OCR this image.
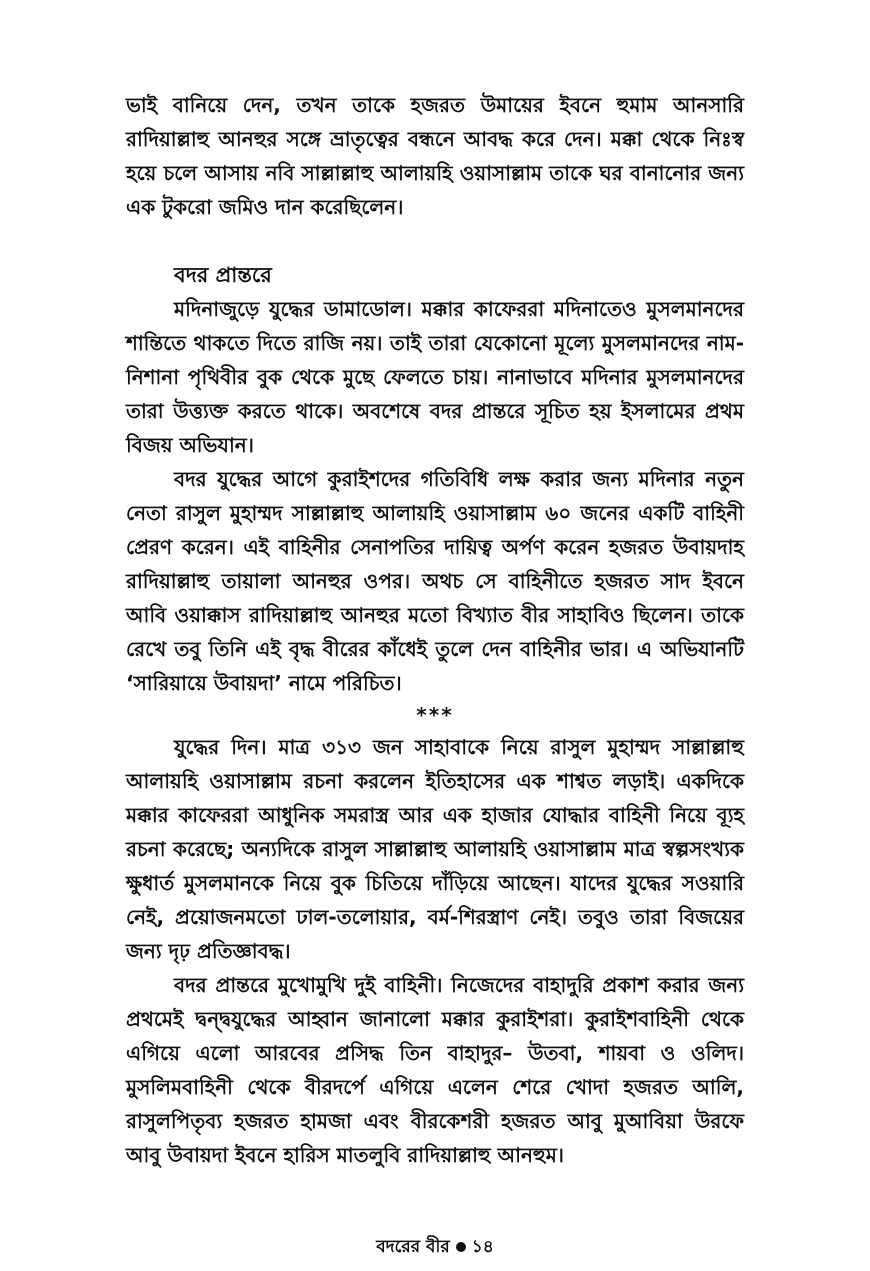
ভাই বানিয়ে দেন, তখন তাকে হজরত উমায়ের ইবনে হুমাম আনসারি রাদিয়াল্লাহু আনহুর সঙ্গে ভ্রাতৃত্বের বন্ধনে আবদ্ধ করে দেন। মক্কা থেকে নিঃস্ব হয়ে চলে আসায় নবি সাল্লাল্লাহু আলায়হি ওয়াসাল্লাম তাকে ঘর বানানোর জন্য এক টুকরো জমিও দান করেছিলেন।

বদর প্রান্তরে

মদিনাজুড়ে যুদ্ধের ডামাডোল। মক্কার কাফেররা মদিনাতেও মুসলমানদের শান্তিতে থাকতে দিতে রাজি নয়। তাই তারা যেকোনো মূল্যে মুসলমানদের নাম-নিশানা পৃথিবীর বুক থেকে মুছে ফেলতে চায়। নানাভাবে মদিনার মুসলমানদের তারা উত্ত্যক্ত করতে থাকে। অবশেষে বদর প্রান্তরে সূচিত হয় ইসলামের প্রথম বিজয় অভিযান।

বদর যুদ্ধের আগে কুরাইশদের গতিবিধি লক্ষ করার জন্য মদিনার নতুন নেতা রাসুল মুহাম্মদ সাল্লাল্লাহু আলায়হি ওয়াসাল্লাম ৬০ জনের একটি বাহিনী প্রেরণ করেন। এই বাহিনীর সেনাপতির দায়িত্ব অর্পণ করেন হজরত উবায়দাহ রাদিয়াল্লাহু তায়ালা আনহুর ওপর। অথচ সে বাহিনীতে হজরত সাদ ইবনে আবি ওয়াক্কাস রাদিয়াল্লাহু আনহুর মতো বিখ্যাত বীর সাহাবিও ছিলেন। তাকে রেখে তবু তিনি এই বৃদ্ধ বীরের কাঁধেই তুলে দেন বাহিনীর ভার। এ অভিযানটি ‘সারিয়ায়ে উবায়দা’ নামে পরিচিত।

***

যুদ্ধের দিন। মাত্র ৩১৩ জন সাহাবাকে নিয়ে রাসুল মুহাম্মদ সাল্লাল্লাহু আলায়হি ওয়াসাল্লাম রচনা করলেন ইতিহাসের এক শাশ্বত লড়াই। একদিকে মক্কার কাফেররা আধুনিক সমরাস্ত্র আর এক হাজার যোদ্ধার বাহিনী নিয়ে ব্যূহ রচনা করেছে; অন্যদিকে রাসুল সাল্লাল্লাহু আলায়হি ওয়াসাল্লাম মাত্র স্বল্পসংখ্যক ক্ষুধার্ত মুসলমানকে নিয়ে বুক চিতিয়ে দাঁড়িয়ে আছেন। যাদের যুদ্ধের সওয়ারি নেই, প্রয়োজনমতো ঢাল-তলোয়ার, বর্ম-শিরস্ত্রাণ নেই। তবুও তারা বিজয়ের জন্য দৃঢ় প্রতিজ্ঞাবদ্ধ।

বদর প্রান্তরে মুখোমুখি দুই বাহিনী। নিজেদের বাহাদুরি প্রকাশ করার জন্য প্রথমেই দ্বন্দ্বযুদ্ধের আহ্বান জানালো মক্কার কুরাইশরা। কুরাইশবাহিনী থেকে এগিয়ে এলো আরবের প্রসিদ্ধ তিন বাহাদুর– উতবা, শায়বা ও ওলিদ। মুসলিমবাহিনী থেকে বীরদর্পে এগিয়ে এলেন শেরে খোদা হজরত আলি, রাসুলপিতৃব্য হজরত হামজা এবং বীরকেশরী হজরত আবু মুআবিয়া উরফে আবু উবায়দা ইবনে হারিস মাতলুবি রাদিয়াল্লাহু আনহুম।

বদরের বীর ১৪
